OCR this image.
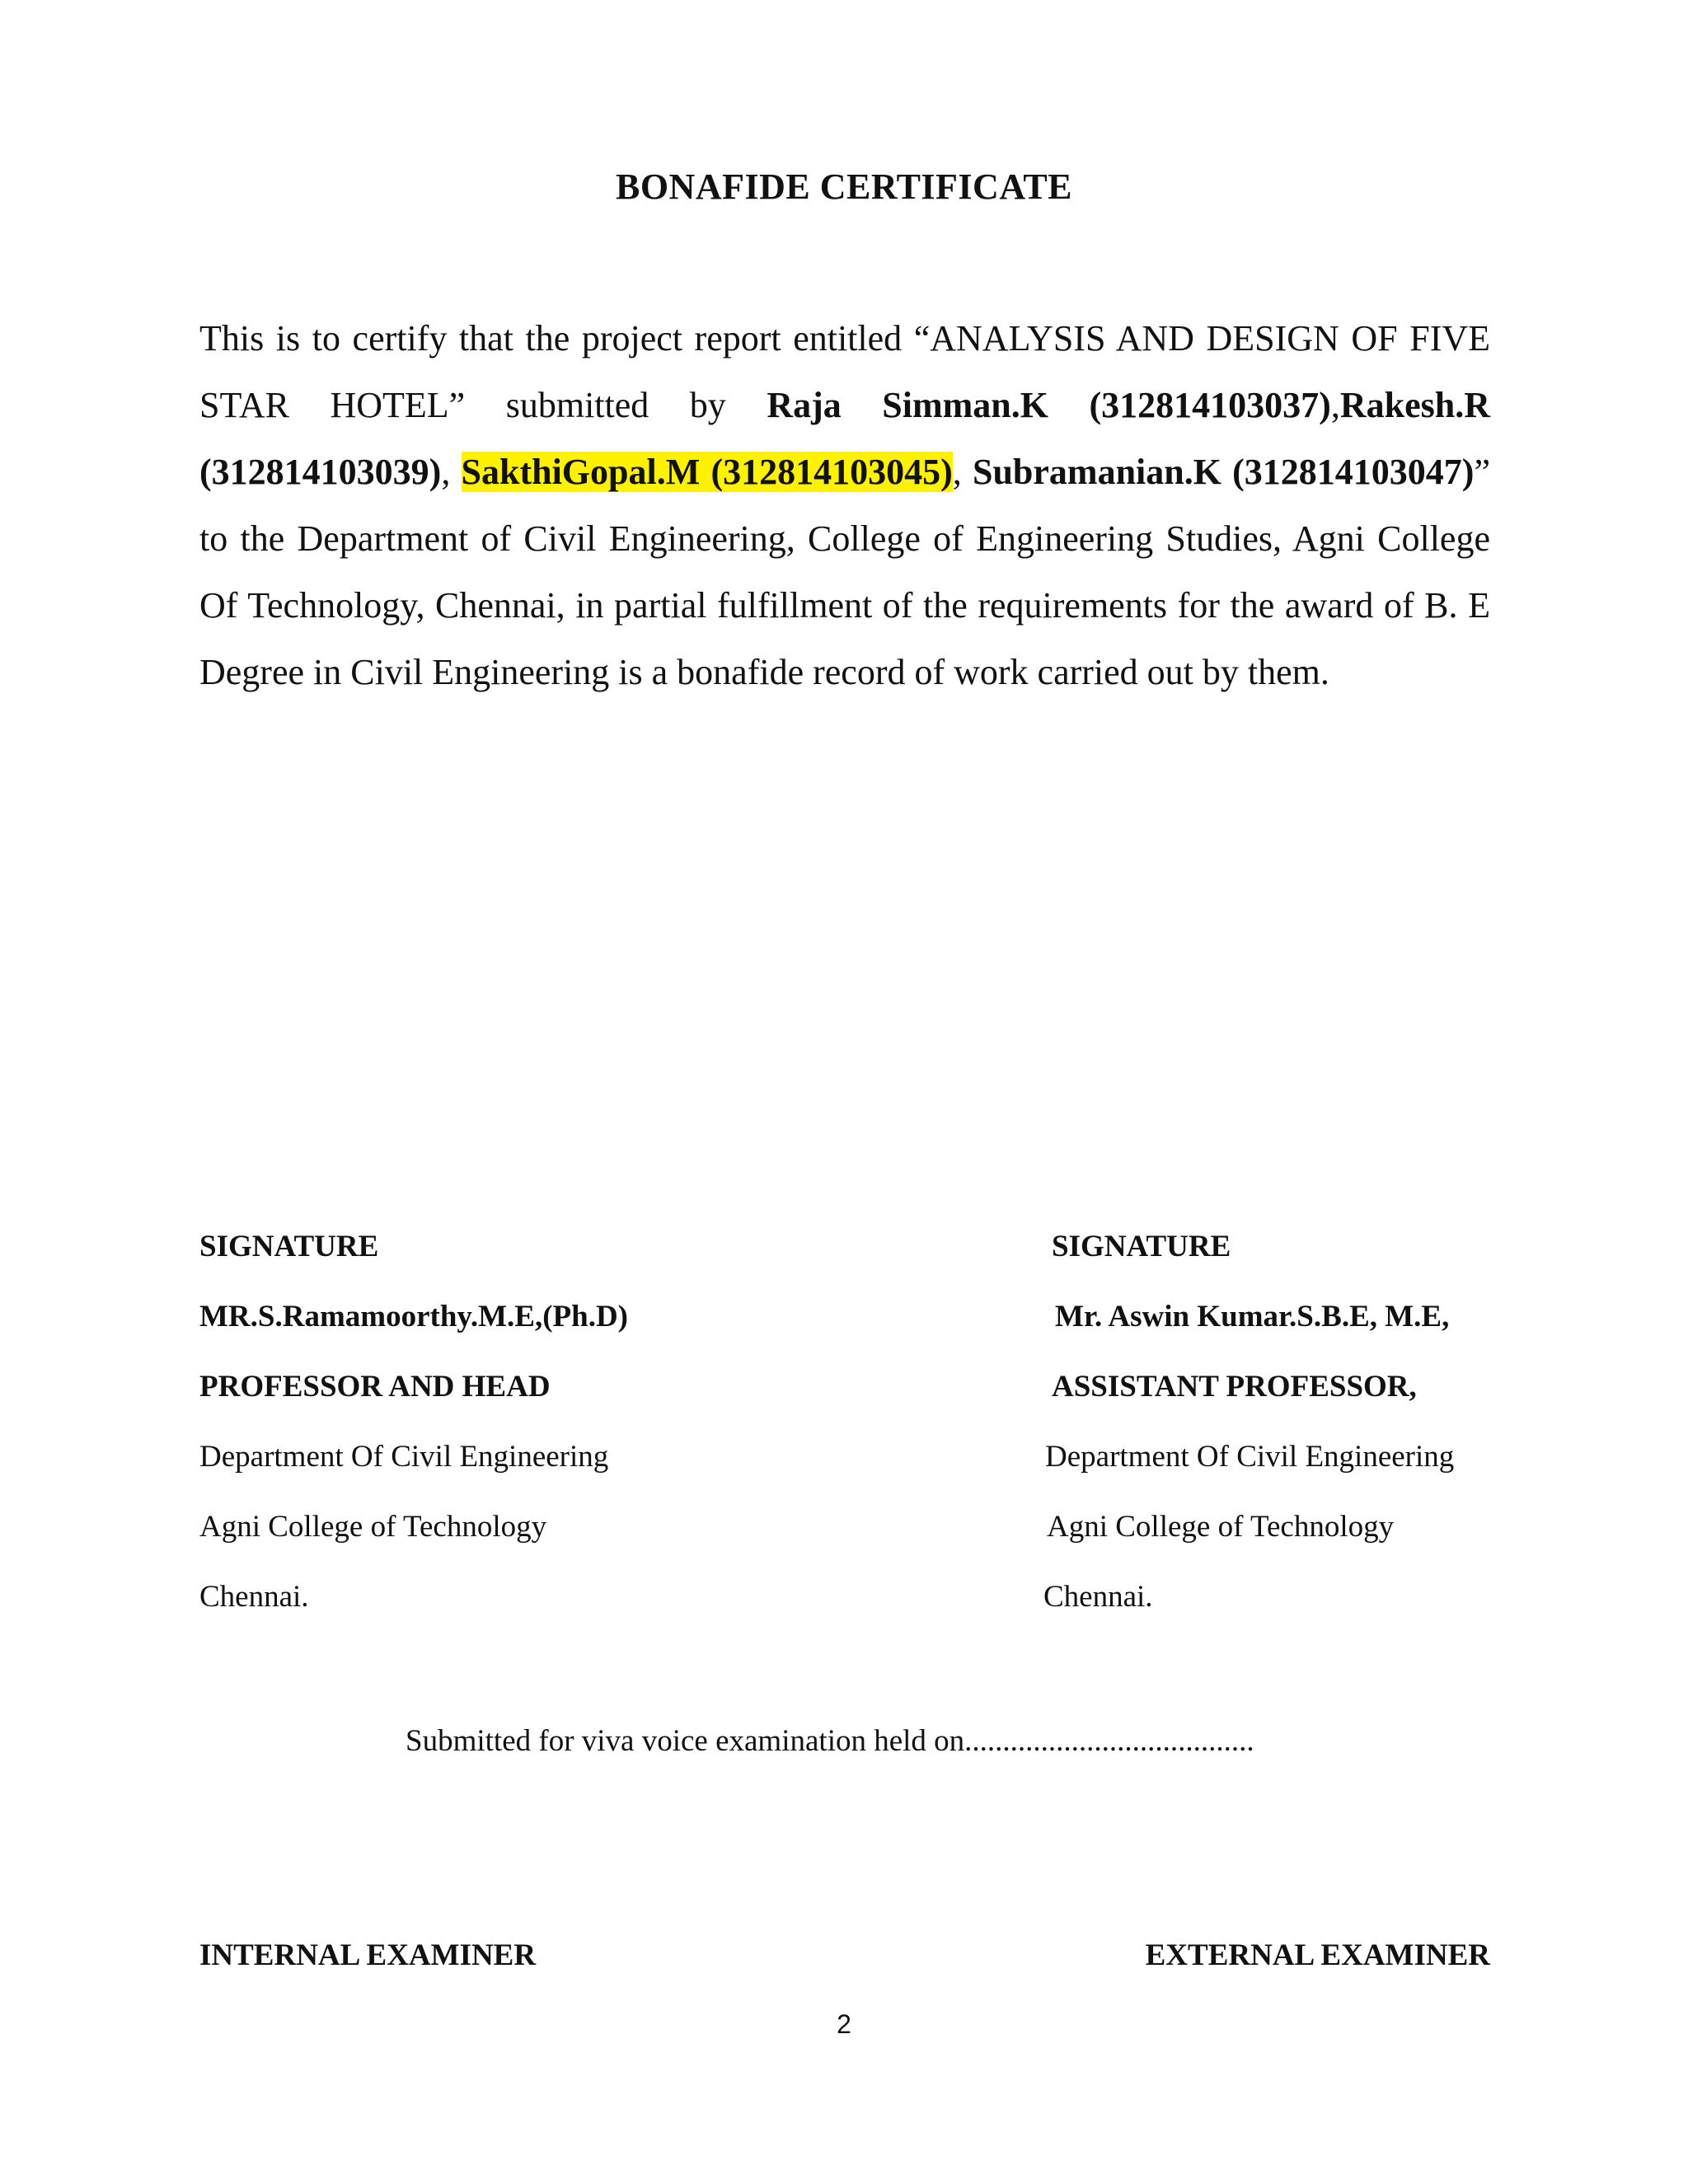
BONAFIDE CERTIFICATE

This is to certify that the project report entitled “ANALYSIS AND DESIGN OF FIVE STAR HOTEL” submitted by Raja Simman.K (312814103037),Rakesh.R (312814103039), SakthiGopal.M (312814103045), Subramanian.K (312814103047)” to the Department of Civil Engineering, College of Engineering Studies, Agni College Of Technology, Chennai, in partial fulfillment of the requirements for the award of B. E Degree in Civil Engineering is a bonafide record of work carried out by them.

SIGNATURE
MR.S.Ramamoorthy.M.E,(Ph.D)
PROFESSOR AND HEAD
Department Of Civil Engineering
Agni College of Technology
Chennai.
SIGNATURE
Mr. Aswin Kumar.S.B.E, M.E,
ASSISTANT PROFESSOR,
Department Of Civil Engineering
Agni College of Technology
Chennai.
Submitted for viva voice examination held on......................................
INTERNAL EXAMINER	EXTERNAL EXAMINER
2
